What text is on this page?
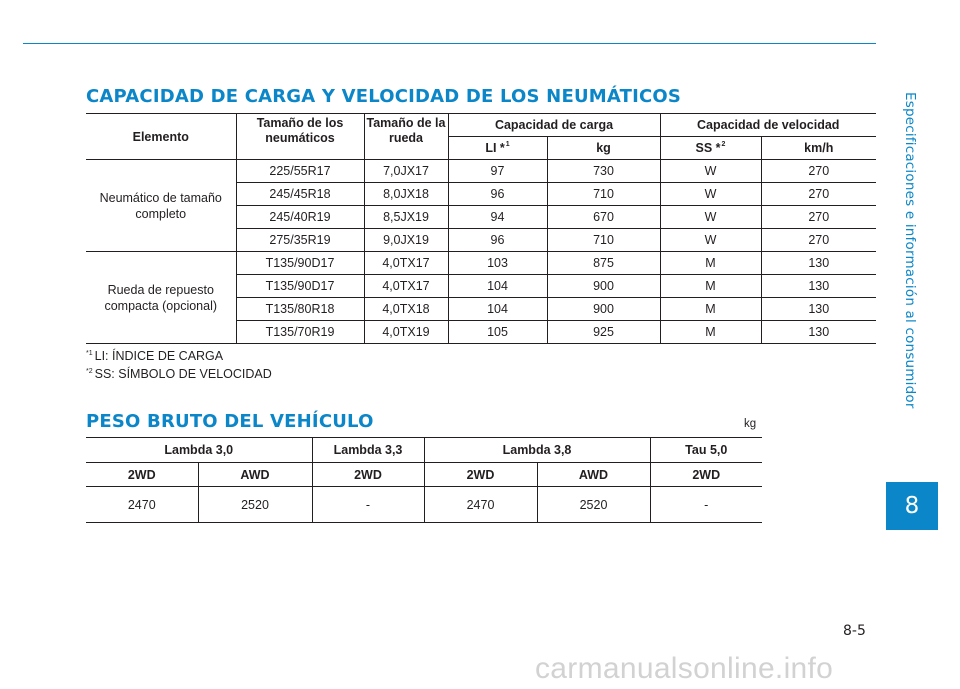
CAPACIDAD DE CARGA Y VELOCIDAD DE LOS NEUMÁTICOS
Elemento	Tamaño de los neumáticos	Tamaño de la rueda	Capacidad de carga		Capacidad de velocidad	
			LI *$^1$	kg	SS *$^2$	km/h

Neumático de tamaño completo	225/55R17	7,0JX17	97	730	W	270
	245/45R18	8,0JX18	96	710	W	270
	245/40R19	8,5JX19	94	670	W	270
	275/35R19	9,0JX19	96	710	W	270

Rueda de repuesto compacta (opcional)	T135/90D17	4,0TX17	103	875	M	130
	T135/90D17	4,0TX17	104	900	M	130
	T135/80R18	4,0TX18	104	900	M	130
	T135/70R19	4,0TX19	105	925	M	130
$^{*1}$ LI: ÍNDICE DE CARGA
$^{*2}$ SS: SÍMBOLO DE VELOCIDAD
PESO BRUTO DEL VEHÍCULO	kg
Lambda 3,0		Lambda 3,3	Lambda 3,8		Tau 5,0
2WD	AWD	2WD	2WD	AWD	2WD
2470	2520	-	2470	2520	-
Especificaciones e información al consumidor
8
8-5
carmanualsonline.info
